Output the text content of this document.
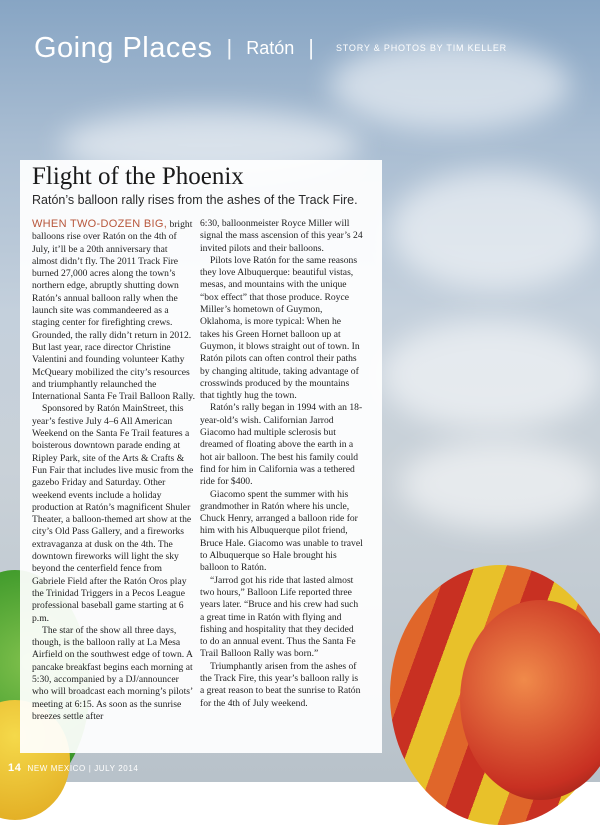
Going Places | Ratón | STORY & PHOTOS BY TIM KELLER
Flight of the Phoenix

Ratón’s balloon rally rises from the ashes of the Track Fire.

WHEN TWO-DOZEN BIG, bright balloons rise over Ratón on the 4th of July, it’ll be a 20th anniversary that almost didn’t fly. The 2011 Track Fire burned 27,000 acres along the town’s northern edge, abruptly shutting down Ratón’s annual balloon rally when the launch site was commandeered as a staging center for firefighting crews. Grounded, the rally didn’t return in 2012. But last year, race director Christine Valentini and founding volunteer Kathy McQueary mobilized the city’s resources and triumphantly relaunched the International Santa Fe Trail Balloon Rally.

Sponsored by Ratón MainStreet, this year’s festive July 4–6 All American Weekend on the Santa Fe Trail features a boisterous downtown parade ending at Ripley Park, site of the Arts & Crafts & Fun Fair that includes live music from the gazebo Friday and Saturday. Other weekend events include a holiday production at Ratón’s magnificent Shuler Theater, a balloon-themed art show at the city’s Old Pass Gallery, and a fireworks extravaganza at dusk on the 4th. The downtown fireworks will light the sky beyond the centerfield fence from Gabriele Field after the Ratón Oros play the Trinidad Triggers in a Pecos League professional baseball game starting at 6 p.m.

The star of the show all three days, though, is the balloon rally at La Mesa Airfield on the southwest edge of town. A pancake breakfast begins each morning at 5:30, accompanied by a DJ/announcer who will broadcast each morning’s pilots’ meeting at 6:15. As soon as the sunrise breezes settle after

6:30, balloonmeister Royce Miller will signal the mass ascension of this year’s 24 invited pilots and their balloons.

Pilots love Ratón for the same reasons they love Albuquerque: beautiful vistas, mesas, and mountains with the unique “box effect” that those produce. Royce Miller’s hometown of Guymon, Oklahoma, is more typical: When he takes his Green Hornet balloon up at Guymon, it blows straight out of town. In Ratón pilots can often control their paths by changing altitude, taking advantage of crosswinds produced by the mountains that tightly hug the town.

Ratón’s rally began in 1994 with an 18-year-old’s wish. Californian Jarrod Giacomo had multiple sclerosis but dreamed of floating above the earth in a hot air balloon. The best his family could find for him in California was a tethered ride for $400.

Giacomo spent the summer with his grandmother in Ratón where his uncle, Chuck Henry, arranged a balloon ride for him with his Albuquerque pilot friend, Bruce Hale. Giacomo was unable to travel to Albuquerque so Hale brought his balloon to Ratón.

“Jarrod got his ride that lasted almost two hours,” Balloon Life reported three years later. “Bruce and his crew had such a great time in Ratón with flying and fishing and hospitality that they decided to do an annual event. Thus the Santa Fe Trail Balloon Rally was born.”

Triumphantly arisen from the ashes of the Track Fire, this year’s balloon rally is a great reason to beat the sunrise to Ratón for the 4th of July weekend.

14 NEW MEXICO | JULY 2014
